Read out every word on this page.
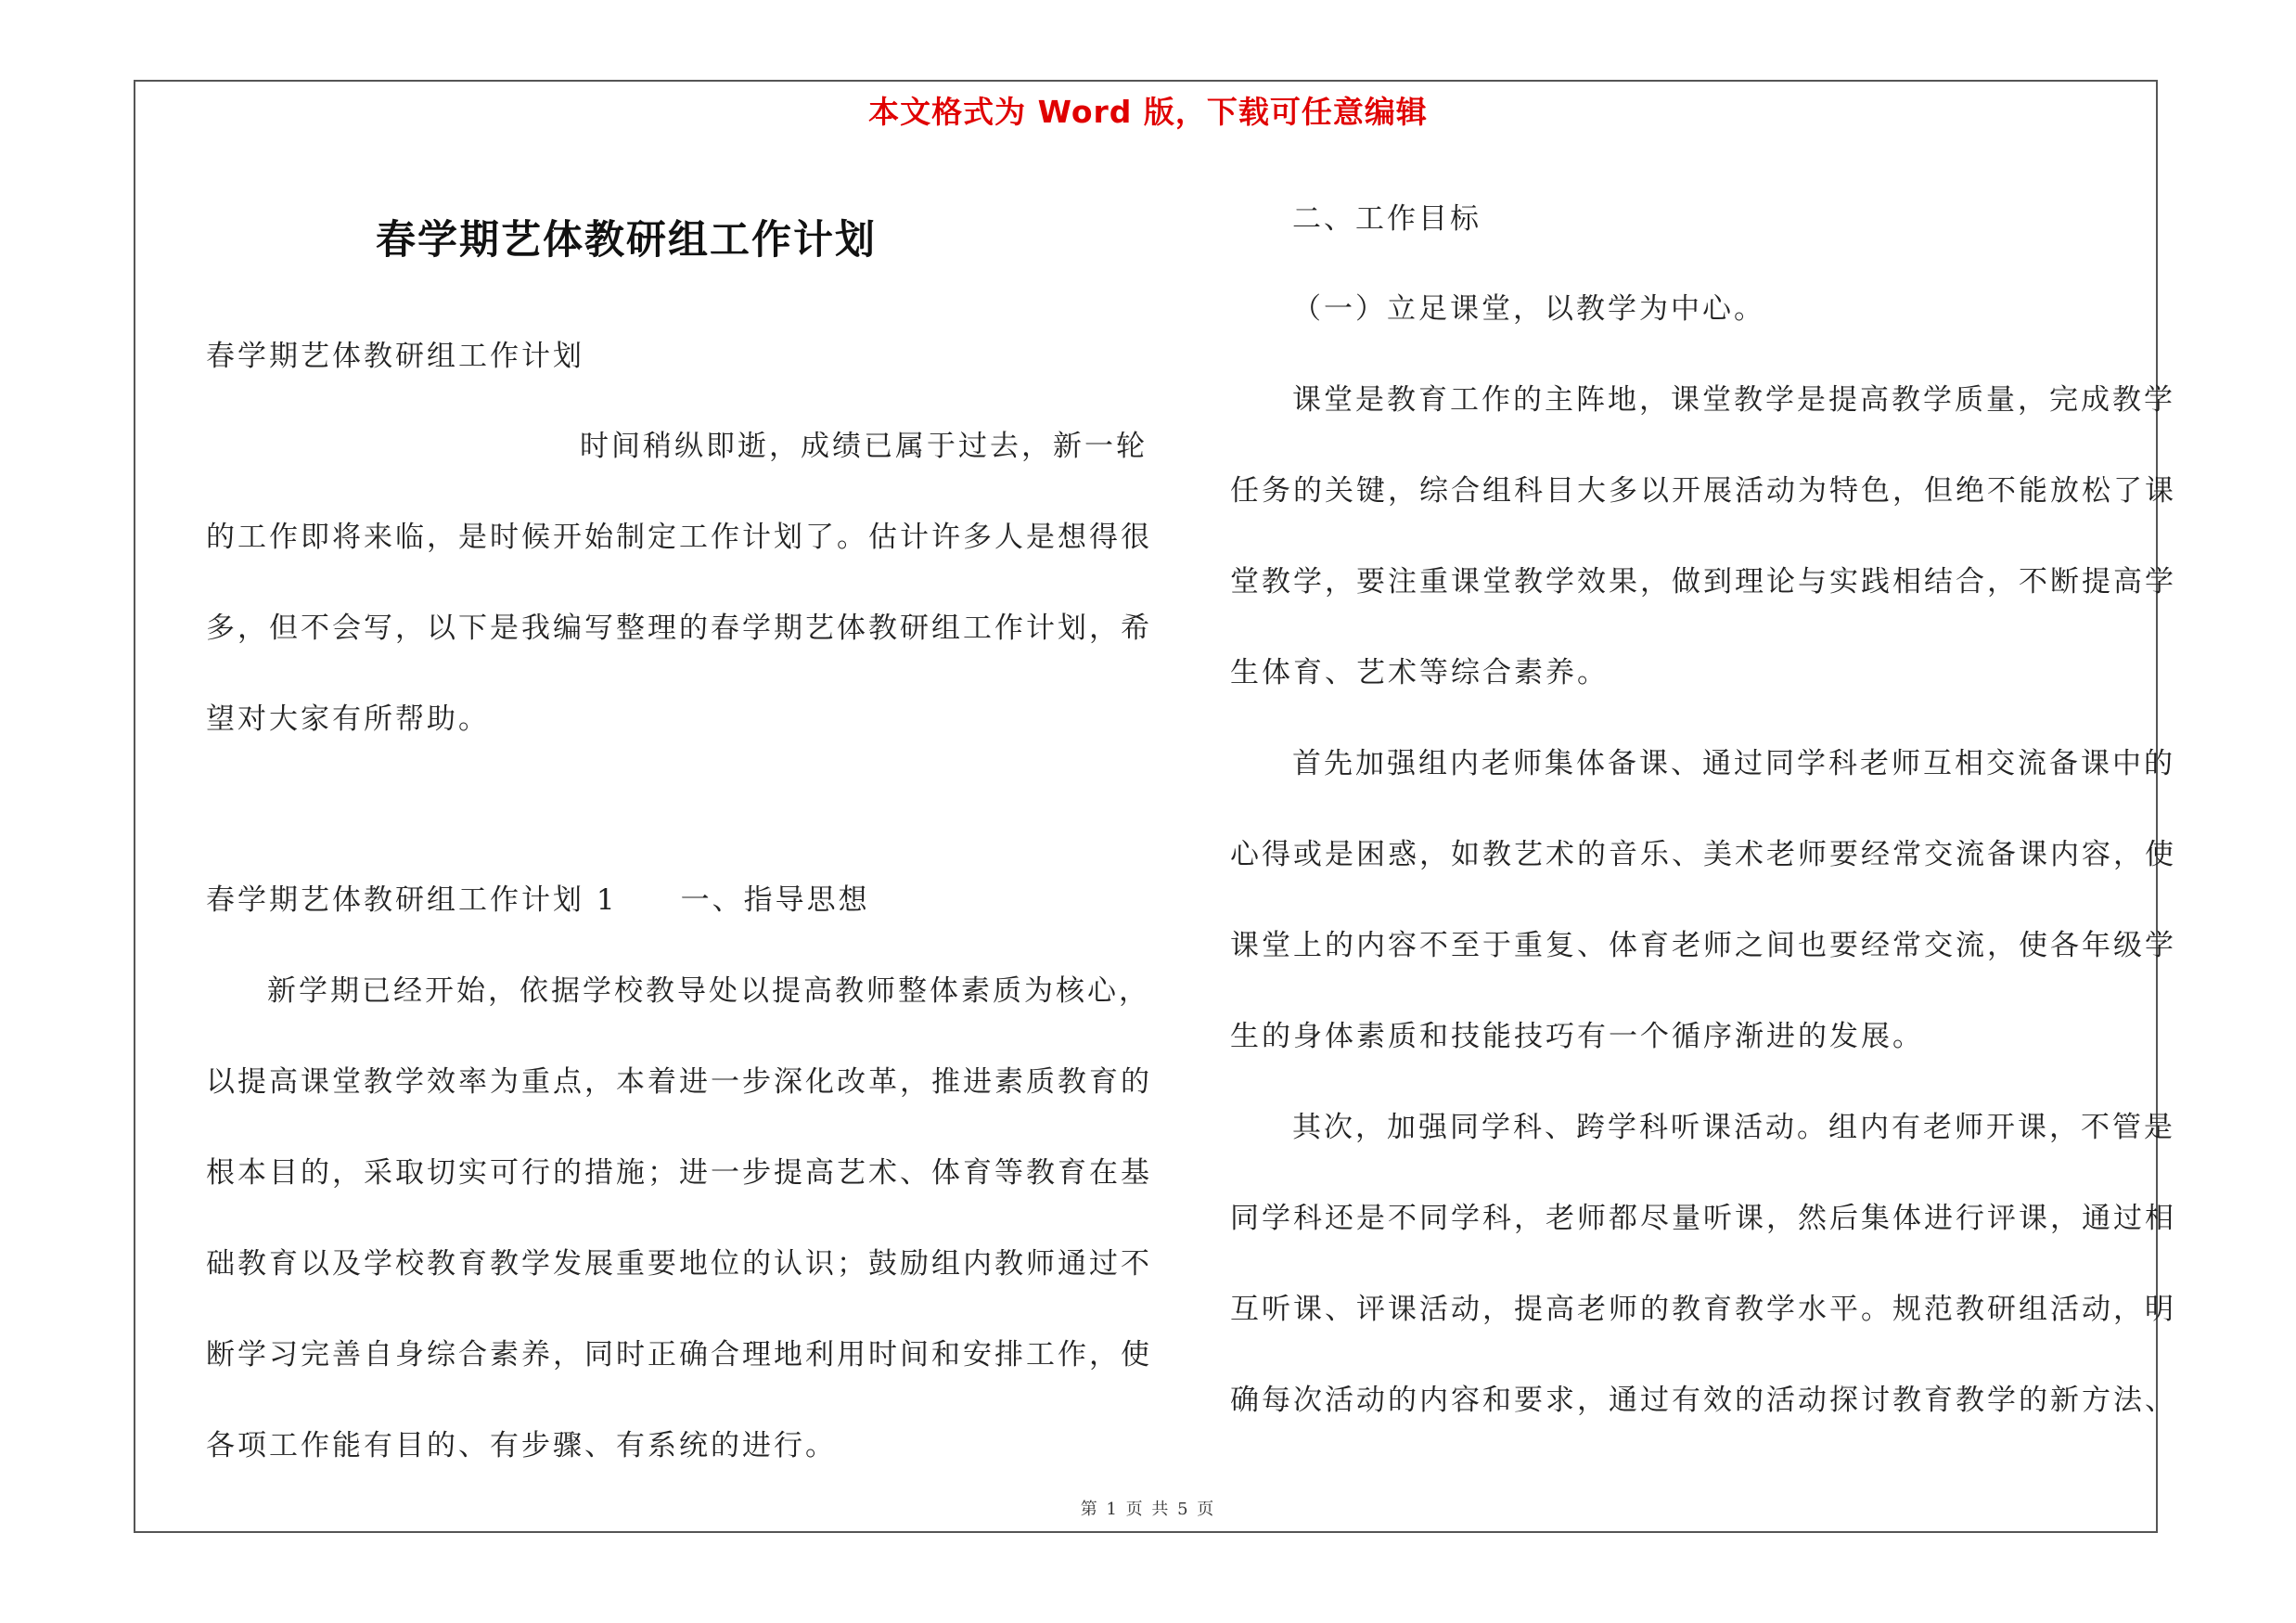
本文格式为 Word 版，下载可任意编辑
春学期艺体教研组工作计划
春学期艺体教研组工作计划
时间稍纵即逝，成绩已属于过去，新一轮
的工作即将来临，是时候开始制定工作计划了。估计许多人是想得很
多，但不会写，以下是我编写整理的春学期艺体教研组工作计划，希
望对大家有所帮助。
春学期艺体教研组工作计划 1　　一、指导思想
新学期已经开始，依据学校教导处以提高教师整体素质为核心，
以提高课堂教学效率为重点，本着进一步深化改革，推进素质教育的
根本目的，采取切实可行的措施；进一步提高艺术、体育等教育在基
础教育以及学校教育教学发展重要地位的认识；鼓励组内教师通过不
断学习完善自身综合素养，同时正确合理地利用时间和安排工作，使
各项工作能有目的、有步骤、有系统的进行。
二、工作目标
（一）立足课堂，以教学为中心。
课堂是教育工作的主阵地，课堂教学是提高教学质量，完成教学
任务的关键，综合组科目大多以开展活动为特色，但绝不能放松了课
堂教学，要注重课堂教学效果，做到理论与实践相结合，不断提高学
生体育、艺术等综合素养。
首先加强组内老师集体备课、通过同学科老师互相交流备课中的
心得或是困惑，如教艺术的音乐、美术老师要经常交流备课内容，使
课堂上的内容不至于重复、体育老师之间也要经常交流，使各年级学
生的身体素质和技能技巧有一个循序渐进的发展。
其次，加强同学科、跨学科听课活动。组内有老师开课，不管是
同学科还是不同学科，老师都尽量听课，然后集体进行评课，通过相
互听课、评课活动，提高老师的教育教学水平。规范教研组活动，明
确每次活动的内容和要求，通过有效的活动探讨教育教学的新方法、
第 1 页 共 5 页
